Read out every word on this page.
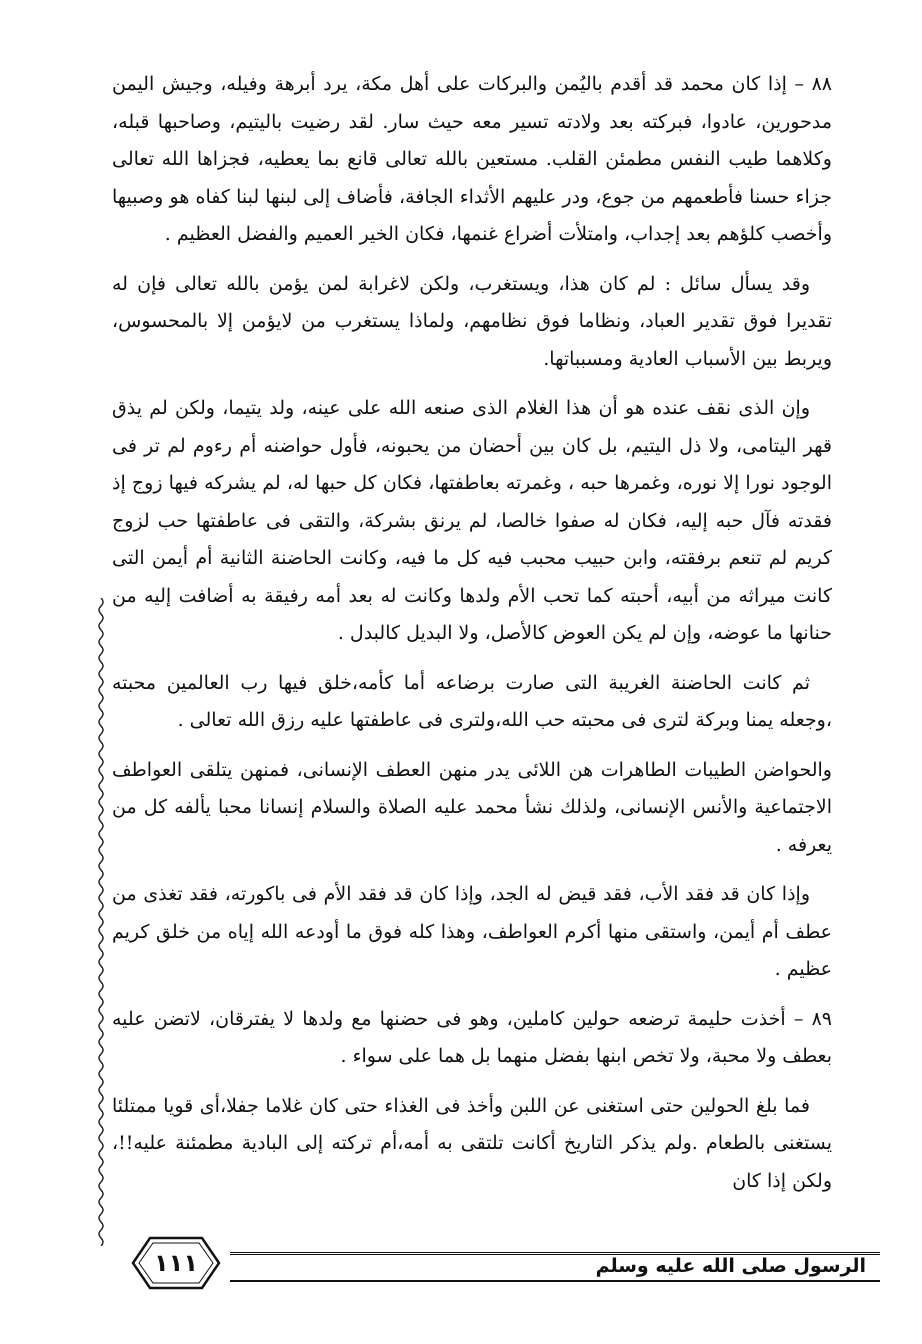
٨٨ – إذا كان محمد قد أقدم باليُمن والبركات على أهل مكة، يرد أبرهة وفيله، وجيش اليمن مدحورين، عادوا، فبركته بعد ولادته تسير معه حيث سار. لقد رضيت باليتيم، وصاحبها قبله، وكلاهما طيب النفس مطمئن القلب. مستعين بالله تعالى قانع بما يعطيه، فجزاها الله تعالى جزاء حسنا فأطعمهم من جوع، ودر عليهم الأثداء الجافة، فأضاف إلى لبنها لبنا كفاه هو وصبيها وأخصب كلؤهم بعد إجداب، وامتلأت أضراع غنمها، فكان الخير العميم والفضل العظيم .

وقد يسأل سائل : لم كان هذا، ويستغرب، ولكن لاغرابة لمن يؤمن بالله تعالى فإن له تقديرا فوق تقدير العباد، ونظاما فوق نظامهم، ولماذا يستغرب من لايؤمن إلا بالمحسوس، ويربط بين الأسباب العادية ومسبباتها.

وإن الذى نقف عنده هو أن هذا الغلام الذى صنعه الله على عينه، ولد يتيما، ولكن لم يذق قهر اليتامى، ولا ذل اليتيم، بل كان بين أحضان من يحبونه، فأول حواضنه أم رءوم لم تر فى الوجود نورا إلا نوره، وغمرها حبه ، وغمرته بعاطفتها، فكان كل حبها له، لم يشركه فيها زوج إذ فقدته فآل حبه إليه، فكان له صفوا خالصا، لم يرنق بشركة، والتقى فى عاطفتها حب لزوج كريم لم تنعم برفقته، وابن حبيب محبب فيه كل ما فيه، وكانت الحاضنة الثانية أم أيمن التى كانت ميراثه من أبيه، أحبته كما تحب الأم ولدها وكانت له بعد أمه رفيقة به أضافت إليه من حنانها ما عوضه، وإن لم يكن العوض كالأصل، ولا البديل كالبدل .

ثم كانت الحاضنة الغريبة التى صارت برضاعه أما كأمه،خلق فيها رب العالمين محبته ،وجعله يمنا وبركة لترى فى محبته حب الله،ولترى فى عاطفتها عليه رزق الله تعالى .

والحواضن الطيبات الطاهرات هن اللائى يدر منهن العطف الإنسانى، فمنهن يتلقى العواطف الاجتماعية والأنس الإنسانى، ولذلك نشأ محمد عليه الصلاة والسلام إنسانا محبا يألفه كل من يعرفه .

وإذا كان قد فقد الأب، فقد قيض له الجد، وإذا كان قد فقد الأم فى باكورته، فقد تغذى من عطف أم أيمن، واستقى منها أكرم العواطف، وهذا كله فوق ما أودعه الله إياه من خلق كريم عظيم .

٨٩ – أخذت حليمة ترضعه حولين كاملين، وهو فى حضنها مع ولدها لا يفترقان، لاتضن عليه بعطف ولا محبة، ولا تخص ابنها بفضل منهما بل هما على سواء .

فما بلغ الحولين حتى استغنى عن اللبن وأخذ فى الغذاء حتى كان غلاما جفلا،أى قويا ممتلئا يستغنى بالطعام .ولم يذكر التاريخ أكانت تلتقى به أمه،أم تركته إلى البادية مطمئنة عليه!!، ولكن إذا كان

الرسول صلى الله عليه وسلم
١١١
